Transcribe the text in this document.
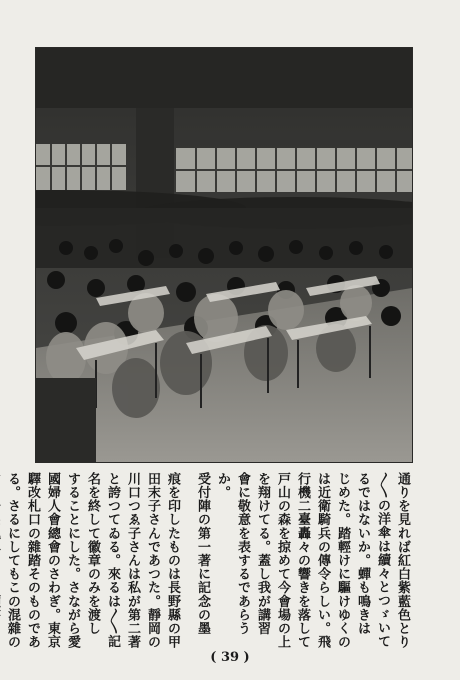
通りを見れば紅白紫藍色とり
〳〵の洋傘は續々とつゞいて
るではないか。蟬も鳴きは
じめた。踏輕けに驅けゆくの
は近衛騎兵の傳令らしい。飛
行機二臺轟々の響きを落して
戸山の森を掠めて今會場の上
を翔けてる。蓋し我が講習
會に敬意を表するであらう
か。
受付陣の第一著に記念の墨
痕を印したものは長野縣の甲
田末子さんであつた。靜岡の
川口つゑ子さんは私が第二著
と誇つてゐる。來るは〳〵記
名を終して徽章のみを渡し
することにした。さながら愛
國婦人會總會のさわぎ。東京
驛改札口の雜踏そのものであ
る。さるにしてもこの混雜の
( 39 )
